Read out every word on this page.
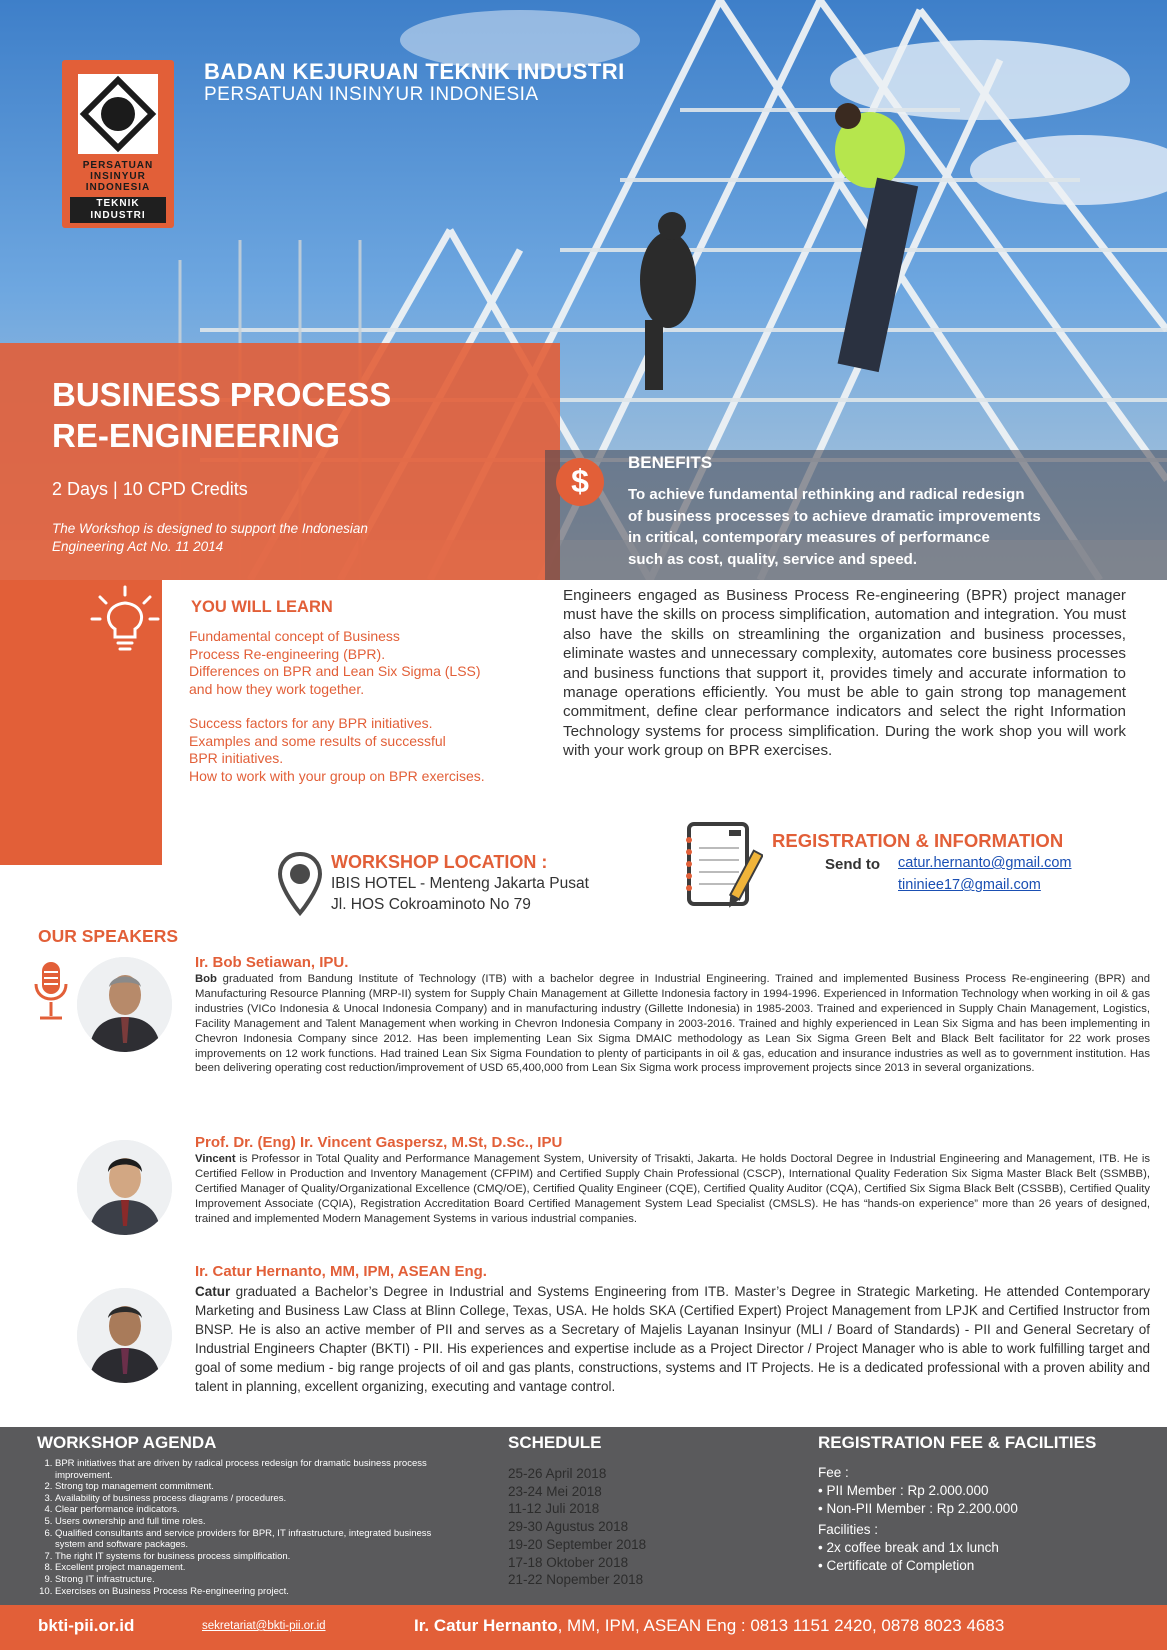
PERSATUAN
INSINYUR
INDONESIA
TEKNIK
INDUSTRI
BADAN KEJURUAN TEKNIK INDUSTRI
PERSATUAN INSINYUR INDONESIA
BUSINESS PROCESS
RE-ENGINEERING
2 Days | 10 CPD Credits
The Workshop is designed to support the Indonesian
Engineering Act No. 11 2014
$
BENEFITS
To achieve fundamental rethinking and radical redesign
of business processes to achieve dramatic improvements
in critical, contemporary measures of performance
such as cost, quality, service and speed.
YOU WILL LEARN
Fundamental concept of Business
Process Re-engineering (BPR).
Differences on BPR and Lean Six Sigma (LSS)
and how they work together.
Success factors for any BPR initiatives.
Examples and some results of successful
BPR initiatives.
How to work with your group on BPR exercises.
Engineers engaged as Business Process Re-engineering (BPR) project manager must have the skills on process simplification, automation and integration. You must also have the skills on streamlining the organization and business processes, eliminate wastes and unnecessary complexity, automates core business processes and business functions that support it, provides timely and accurate information to manage operations efficiently. You must be able to gain strong top management commitment, define clear performance indicators and select the right Information Technology systems for process simplification. During the work shop you will work with your work group on BPR exercises.
WORKSHOP LOCATION :
IBIS HOTEL - Menteng Jakarta Pusat
Jl. HOS Cokroaminoto No 79
REGISTRATION & INFORMATION
Send to catur.hernanto@gmail.com
tininiee17@gmail.com
OUR SPEAKERS
Ir. Bob Setiawan, IPU.
Bob graduated from Bandung Institute of Technology (ITB) with a bachelor degree in Industrial Engineering. Trained and implemented Business Process Re-engineering (BPR) and Manufacturing Resource Planning (MRP-II) system for Supply Chain Management at Gillette Indonesia factory in 1994-1996. Experienced in Information Technology when working in oil & gas industries (VICo Indonesia & Unocal Indonesia Company) and in manufacturing industry (Gillette Indonesia) in 1985-2003. Trained and experienced in Supply Chain Management, Logistics, Facility Management and Talent Management when working in Chevron Indonesia Company in 2003-2016. Trained and highly experienced in Lean Six Sigma and has been implementing in Chevron Indonesia Company since 2012. Has been implementing Lean Six Sigma DMAIC methodology as Lean Six Sigma Green Belt and Black Belt facilitator for 22 work proses improvements on 12 work functions. Had trained Lean Six Sigma Foundation to plenty of participants in oil & gas, education and insurance industries as well as to government institution. Has been delivering operating cost reduction/improvement of USD 65,400,000 from Lean Six Sigma work process improvement projects since 2013 in several organizations.
Prof. Dr. (Eng) Ir. Vincent Gaspersz, M.St, D.Sc., IPU
Vincent is Professor in Total Quality and Performance Management System, University of Trisakti, Jakarta. He holds Doctoral Degree in Industrial Engineering and Management, ITB. He is Certified Fellow in Production and Inventory Management (CFPIM) and Certified Supply Chain Professional (CSCP), International Quality Federation Six Sigma Master Black Belt (SSMBB), Certified Manager of Quality/Organizational Excellence (CMQ/OE), Certified Quality Engineer (CQE), Certified Quality Auditor (CQA), Certified Six Sigma Black Belt (CSSBB), Certified Quality Improvement Associate (CQIA), Registration Accreditation Board Certified Management System Lead Specialist (CMSLS). He has “hands-on experience” more than 26 years of designed, trained and implemented Modern Management Systems in various industrial companies.
Ir. Catur Hernanto, MM, IPM, ASEAN Eng.
Catur graduated a Bachelor’s Degree in Industrial and Systems Engineering from ITB. Master’s Degree in Strategic Marketing. He attended Contemporary Marketing and Business Law Class at Blinn College, Texas, USA. He holds SKA (Certified Expert) Project Management from LPJK and Certified Instructor from BNSP. He is also an active member of PII and serves as a Secretary of Majelis Layanan Insinyur (MLI / Board of Standards) - PII and General Secretary of Industrial Engineers Chapter (BKTI) - PII. His experiences and expertise include as a Project Director / Project Manager who is able to work fulfilling target and goal of some medium - big range projects of oil and gas plants, constructions, systems and IT Projects. He is a dedicated professional with a proven ability and talent in planning, excellent organizing, executing and vantage control.
WORKSHOP AGENDA
1. BPR initiatives that are driven by radical process redesign for dramatic business process improvement.
2. Strong top management commitment.
3. Availability of business process diagrams / procedures.
4. Clear performance indicators.
5. Users ownership and full time roles.
6. Qualified consultants and service providers for BPR, IT infrastructure, integrated business system and software packages.
7. The right IT systems for business process simplification.
8. Excellent project management.
9. Strong IT infrastructure.
10. Exercises on Business Process Re-engineering project.
SCHEDULE
25-26 April 2018
23-24 Mei 2018
11-12 Juli 2018
29-30 Agustus 2018
19-20 September 2018
17-18 Oktober 2018
21-22 Nopember 2018
REGISTRATION FEE & FACILITIES
Fee :
• PII Member : Rp 2.000.000
• Non-PII Member : Rp 2.200.000
Facilities :
• 2x coffee break and 1x lunch
• Certificate of Completion
bkti-pii.or.id	sekretariat@bkti-pii.or.id	Ir. Catur Hernanto, MM, IPM, ASEAN Eng : 0813 1151 2420, 0878 8023 4683
